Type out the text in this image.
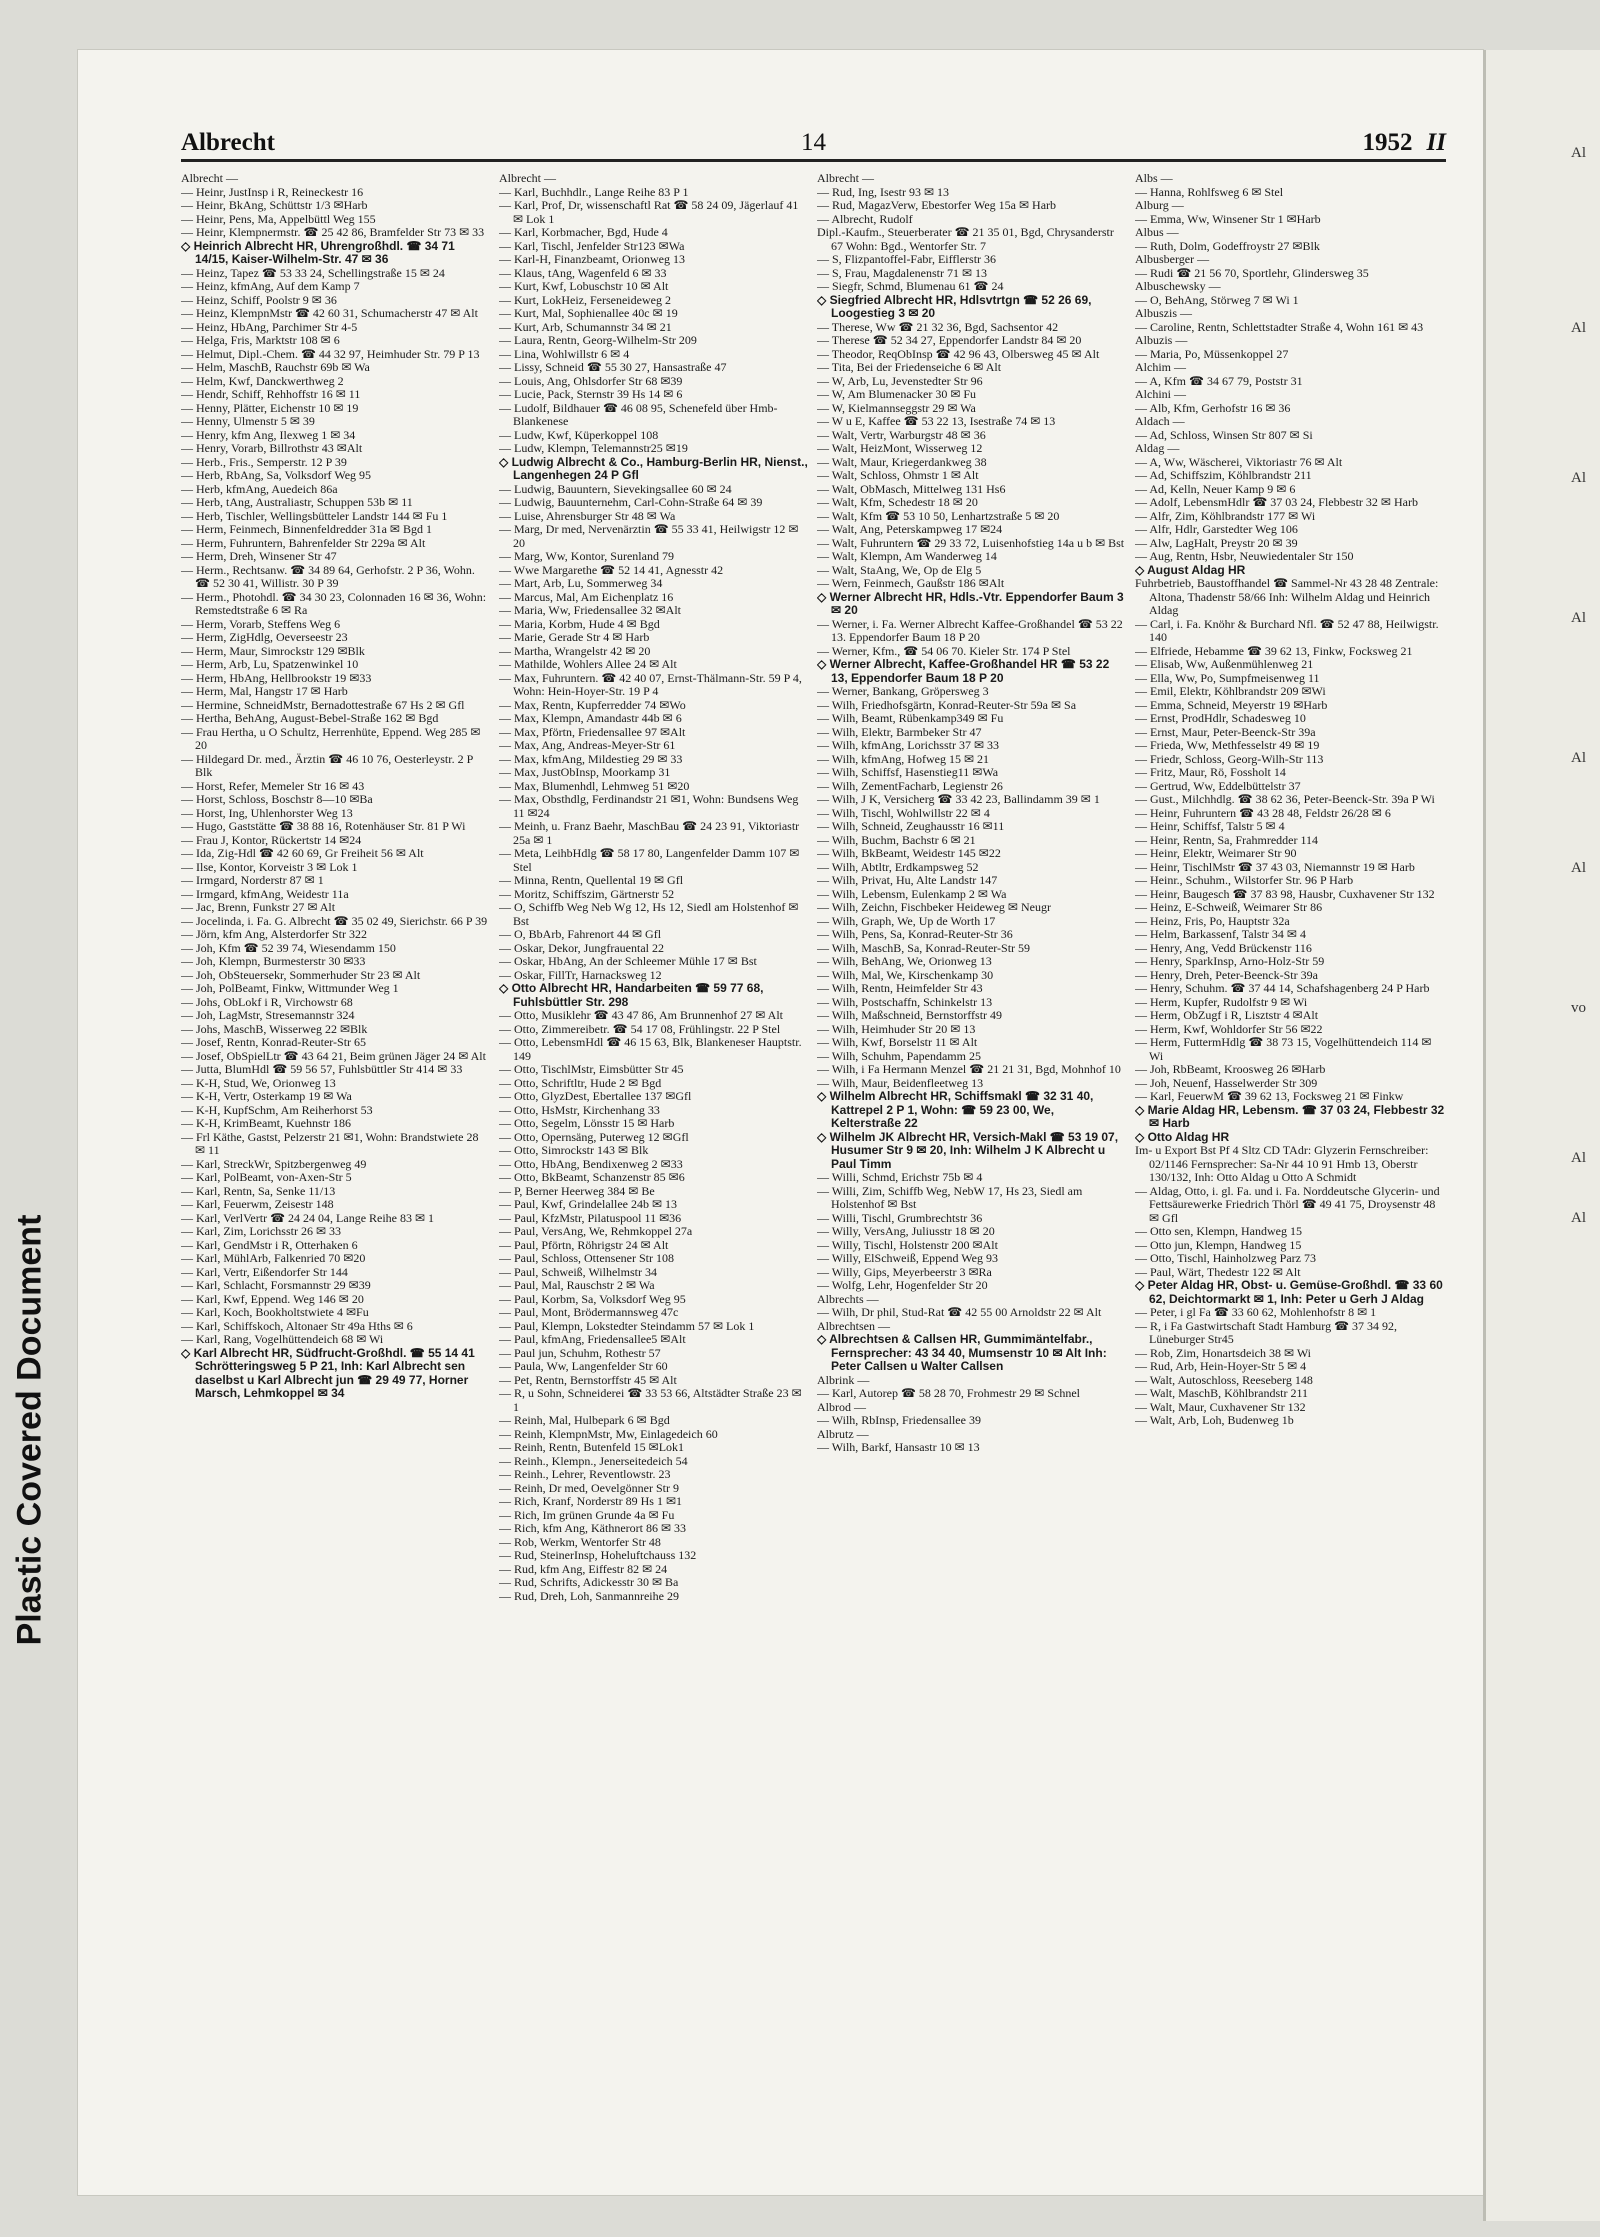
Albrecht	14	1952 II
Albrecht —
— Heinr, JustInsp i R, Reineckestr 16
— Heinr, BkAng, Schüttstr 1/3 ✉Harb
— Heinr, Pens, Ma, Appelbüttl Weg 155
— Heinr, Klempnermstr. ☎ 25 42 86, Bramfelder Str 73 ✉ 33
◇ Heinrich Albrecht HR, Uhrengroßhdl. ☎ 34 71 14/15, Kaiser-Wilhelm-Str. 47 ✉ 36
— Heinz, Tapez ☎ 53 33 24, Schellingstraße 15 ✉ 24
— Heinz, kfmAng, Auf dem Kamp 7
— Heinz, Schiff, Poolstr 9 ✉ 36
— Heinz, KlempnMstr ☎ 42 60 31, Schumacherstr 47 ✉ Alt
— Heinz, HbAng, Parchimer Str 4-5
— Helga, Fris, Marktstr 108 ✉ 6
— Helmut, Dipl.-Chem. ☎ 44 32 97, Heimhuder Str. 79 P 13
— Helm, MaschB, Rauchstr 69b ✉ Wa
— Helm, Kwf, Danckwerthweg 2
— Hendr, Schiff, Rehhoffstr 16 ✉ 11
— Henny, Plätter, Eichenstr 10 ✉ 19
— Henny, Ulmenstr 5 ✉ 39
— Henry, kfm Ang, Ilexweg 1 ✉ 34
— Henry, Vorarb, Billrothstr 43 ✉Alt
— Herb., Fris., Semperstr. 12 P 39
— Herb, RbAng, Sa, Volksdorf Weg 95
— Herb, kfmAng, Auedeich 86a
— Herb, tAng, Australiastr, Schuppen 53b ✉ 11
— Herb, Tischler, Wellingsbütteler Landstr 144 ✉ Fu 1
— Herm, Feinmech, Binnenfeldredder 31a ✉ Bgd 1
— Herm, Fuhruntern, Bahrenfelder Str 229a ✉ Alt
— Herm, Dreh, Winsener Str 47
— Herm., Rechtsanw. ☎ 34 89 64, Gerhofstr. 2 P 36, Wohn. ☎ 52 30 41, Willistr. 30 P 39
— Herm., Photohdl. ☎ 34 30 23, Colonnaden 16 ✉ 36, Wohn: Remstedtstraße 6 ✉ Ra
— Herm, Vorarb, Steffens Weg 6
— Herm, ZigHdlg, Oeverseestr 23
— Herm, Maur, Simrockstr 129 ✉Blk
— Herm, Arb, Lu, Spatzenwinkel 10
— Herm, HbAng, Hellbrookstr 19 ✉33
— Herm, Mal, Hangstr 17 ✉ Harb
— Hermine, SchneidMstr, Bernadottestraße 67 Hs 2 ✉ Gfl
— Hertha, BehAng, August-Bebel-Straße 162 ✉ Bgd
— Frau Hertha, u O Schultz, Herrenhüte, Eppend. Weg 285 ✉ 20
— Hildegard Dr. med., Ärztin ☎ 46 10 76, Oesterleystr. 2 P Blk
— Horst, Refer, Memeler Str 16 ✉ 43
— Horst, Schloss, Boschstr 8—10 ✉Ba
— Horst, Ing, Uhlenhorster Weg 13
— Hugo, Gaststätte ☎ 38 88 16, Rotenhäuser Str. 81 P Wi
— Frau J, Kontor, Rückertstr 14 ✉24
— Ida, Zig-Hdl ☎ 42 60 69, Gr Freiheit 56 ✉ Alt
— Ilse, Kontor, Korveistr 3 ✉ Lok 1
— Irmgard, Norderstr 87 ✉ 1
— Irmgard, kfmAng, Weidestr 11a
— Jac, Brenn, Funkstr 27 ✉ Alt
— Jocelinda, i. Fa. G. Albrecht ☎ 35 02 49, Sierichstr. 66 P 39
— Jörn, kfm Ang, Alsterdorfer Str 322
— Joh, Kfm ☎ 52 39 74, Wiesendamm 150
— Joh, Klempn, Burmesterstr 30 ✉33
— Joh, ObSteuersekr, Sommerhuder Str 23 ✉ Alt
— Joh, PolBeamt, Finkw, Wittmunder Weg 1
— Johs, ObLokf i R, Virchowstr 68
— Joh, LagMstr, Stresemannstr 324
— Johs, MaschB, Wisserweg 22 ✉Blk
— Josef, Rentn, Konrad-Reuter-Str 65
— Josef, ObSpielLtr ☎ 43 64 21, Beim grünen Jäger 24 ✉ Alt
— Jutta, BlumHdl ☎ 59 56 57, Fuhlsbüttler Str 414 ✉ 33
— K-H, Stud, We, Orionweg 13
— K-H, Vertr, Osterkamp 19 ✉ Wa
— K-H, KupfSchm, Am Reiherhorst 53
— K-H, KrimBeamt, Kuehnstr 186
— Frl Käthe, Gastst, Pelzerstr 21 ✉1, Wohn: Brandstwiete 28 ✉ 11
— Karl, StreckWr, Spitzbergenweg 49
— Karl, PolBeamt, von-Axen-Str 5
— Karl, Rentn, Sa, Senke 11/13
— Karl, Feuerwm, Zeisestr 148
— Karl, VerlVertr ☎ 24 24 04, Lange Reihe 83 ✉ 1
— Karl, Zim, Lorichsstr 26 ✉ 33
— Karl, GendMstr i R, Otterhaken 6
— Karl, MühlArb, Falkenried 70 ✉20
— Karl, Vertr, Eißendorfer Str 144
— Karl, Schlacht, Forsmannstr 29 ✉39
— Karl, Kwf, Eppend. Weg 146 ✉ 20
— Karl, Koch, Bookholtstwiete 4 ✉Fu
— Karl, Schiffskoch, Altonaer Str 49a Hths ✉ 6
— Karl, Rang, Vogelhüttendeich 68 ✉ Wi
◇ Karl Albrecht HR, Südfrucht-Großhdl. ☎ 55 14 41 Schrötteringsweg 5 P 21, Inh: Karl Albrecht sen daselbst u Karl Albrecht jun ☎ 29 49 77, Horner Marsch, Lehmkoppel ✉ 34
Albrecht —
— Karl, Buchhdlr., Lange Reihe 83 P 1
— Karl, Prof, Dr, wissenschaftl Rat ☎ 58 24 09, Jägerlauf 41 ✉ Lok 1
— Karl, Korbmacher, Bgd, Hude 4
— Karl, Tischl, Jenfelder Str123 ✉Wa
— Karl-H, Finanzbeamt, Orionweg 13
— Klaus, tAng, Wagenfeld 6 ✉ 33
— Kurt, Kwf, Lobuschstr 10 ✉ Alt
— Kurt, LokHeiz, Ferseneideweg 2
— Kurt, Mal, Sophienallee 40c ✉ 19
— Kurt, Arb, Schumannstr 34 ✉ 21
— Laura, Rentn, Georg-Wilhelm-Str 209
— Lina, Wohlwillstr 6 ✉ 4
— Lissy, Schneid ☎ 55 30 27, Hansastraße 47
— Louis, Ang, Ohlsdorfer Str 68 ✉39
— Lucie, Pack, Sternstr 39 Hs 14 ✉ 6
— Ludolf, Bildhauer ☎ 46 08 95, Schenefeld über Hmb-Blankenese
— Ludw, Kwf, Küperkoppel 108
— Ludw, Klempn, Telemannstr25 ✉19
◇ Ludwig Albrecht & Co., Hamburg-Berlin HR, Nienst., Langenhegen 24 P Gfl
— Ludwig, Bauuntern, Sievekingsallee 60 ✉ 24
— Ludwig, Bauunternehm, Carl-Cohn-Straße 64 ✉ 39
— Luise, Ahrensburger Str 48 ✉ Wa
— Marg, Dr med, Nervenärztin ☎ 55 33 41, Heilwigstr 12 ✉ 20
— Marg, Ww, Kontor, Surenland 79
— Wwe Margarethe ☎ 52 14 41, Agnesstr 42
— Mart, Arb, Lu, Sommerweg 34
— Marcus, Mal, Am Eichenplatz 16
— Maria, Ww, Friedensallee 32 ✉Alt
— Maria, Korbm, Hude 4 ✉ Bgd
— Marie, Gerade Str 4 ✉ Harb
— Martha, Wrangelstr 42 ✉ 20
— Mathilde, Wohlers Allee 24 ✉ Alt
— Max, Fuhruntern. ☎ 42 40 07, Ernst-Thälmann-Str. 59 P 4, Wohn: Hein-Hoyer-Str. 19 P 4
— Max, Rentn, Kupferredder 74 ✉Wo
— Max, Klempn, Amandastr 44b ✉ 6
— Max, Pförtn, Friedensallee 97 ✉Alt
— Max, Ang, Andreas-Meyer-Str 61
— Max, kfmAng, Mildestieg 29 ✉ 33
— Max, JustObInsp, Moorkamp 31
— Max, Blumenhdl, Lehmweg 51 ✉20
— Max, Obsthdlg, Ferdinandstr 21 ✉1, Wohn: Bundsens Weg 11 ✉24
— Meinh, u. Franz Baehr, MaschBau ☎ 24 23 91, Viktoriastr 25a ✉ 1
— Meta, LeihbHdlg ☎ 58 17 80, Langenfelder Damm 107 ✉ Stel
— Minna, Rentn, Quellental 19 ✉ Gfl
— Moritz, Schiffszim, Gärtnerstr 52
— O, Schiffb Weg Neb Wg 12, Hs 12, Siedl am Holstenhof ✉ Bst
— O, BbArb, Fahrenort 44 ✉ Gfl
— Oskar, Dekor, Jungfrauental 22
— Oskar, HbAng, An der Schleemer Mühle 17 ✉ Bst
— Oskar, FillTr, Harnacksweg 12
◇ Otto Albrecht HR, Handarbeiten ☎ 59 77 68, Fuhlsbüttler Str. 298
— Otto, Musiklehr ☎ 43 47 86, Am Brunnenhof 27 ✉ Alt
— Otto, Zimmereibetr. ☎ 54 17 08, Frühlingstr. 22 P Stel
— Otto, LebensmHdl ☎ 46 15 63, Blk, Blankeneser Hauptstr. 149
— Otto, TischlMstr, Eimsbütter Str 45
— Otto, Schriftltr, Hude 2 ✉ Bgd
— Otto, GlyzDest, Ebertallee 137 ✉Gfl
— Otto, HsMstr, Kirchenhang 33
— Otto, Segelm, Lönsstr 15 ✉ Harb
— Otto, Opernsäng, Puterweg 12 ✉Gfl
— Otto, Simrockstr 143 ✉ Blk
— Otto, HbAng, Bendixenweg 2 ✉33
— Otto, BkBeamt, Schanzenstr 85 ✉6
— P, Berner Heerweg 384 ✉ Be
— Paul, Kwf, Grindelallee 24b ✉ 13
— Paul, KfzMstr, Pilatuspool 11 ✉36
— Paul, VersAng, We, Rehmkoppel 27a
— Paul, Pförtn, Röhrigstr 24 ✉ Alt
— Paul, Schloss, Ottensener Str 108
— Paul, Schweiß, Wilhelmstr 34
— Paul, Mal, Rauschstr 2 ✉ Wa
— Paul, Korbm, Sa, Volksdorf Weg 95
— Paul, Mont, Brödermannsweg 47c
— Paul, Klempn, Lokstedter Steindamm 57 ✉ Lok 1
— Paul, kfmAng, Friedensallee5 ✉Alt
— Paul jun, Schuhm, Rothestr 57
— Paula, Ww, Langenfelder Str 60
— Pet, Rentn, Bernstorffstr 45 ✉ Alt
— R, u Sohn, Schneiderei ☎ 33 53 66, Altstädter Straße 23 ✉ 1
— Reinh, Mal, Hulbepark 6 ✉ Bgd
— Reinh, KlempnMstr, Mw, Einlagedeich 60
— Reinh, Rentn, Butenfeld 15 ✉Lok1
— Reinh., Klempn., Jenerseitedeich 54
— Reinh., Lehrer, Reventlowstr. 23
— Reinh, Dr med, Oevelgönner Str 9
— Rich, Kranf, Norderstr 89 Hs 1 ✉1
— Rich, Im grünen Grunde 4a ✉ Fu
— Rich, kfm Ang, Käthnerort 86 ✉ 33
— Rob, Werkm, Wentorfer Str 48
— Rud, SteinerInsp, Hoheluftchauss 132
— Rud, kfm Ang, Eiffestr 82 ✉ 24
— Rud, Schrifts, Adickesstr 30 ✉ Ba
— Rud, Dreh, Loh, Sanmannreihe 29
Albrecht —
— Rud, Ing, Isestr 93 ✉ 13
— Rud, MagazVerw, Ebestorfer Weg 15a ✉ Harb
— Albrecht, Rudolf
Dipl.-Kaufm., Steuerberater ☎ 21 35 01, Bgd, Chrysanderstr 67 Wohn: Bgd., Wentorfer Str. 7
— S, Flizpantoffel-Fabr, Eifflerstr 36
— S, Frau, Magdalenenstr 71 ✉ 13
— Siegfr, Schmd, Blumenau 61 ☎ 24
◇ Siegfried Albrecht HR, Hdlsvtrtgn ☎ 52 26 69, Loogestieg 3 ✉ 20
— Therese, Ww ☎ 21 32 36, Bgd, Sachsentor 42
— Therese ☎ 52 34 27, Eppendorfer Landstr 84 ✉ 20
— Theodor, ReqObInsp ☎ 42 96 43, Olbersweg 45 ✉ Alt
— Tita, Bei der Friedenseiche 6 ✉ Alt
— W, Arb, Lu, Jevenstedter Str 96
— W, Am Blumenacker 30 ✉ Fu
— W, Kielmannseggstr 29 ✉ Wa
— W u E, Kaffee ☎ 53 22 13, Isestraße 74 ✉ 13
— Walt, Vertr, Warburgstr 48 ✉ 36
— Walt, HeizMont, Wisserweg 12
— Walt, Maur, Kriegerdankweg 38
— Walt, Schloss, Ohmstr 1 ✉ Alt
— Walt, ObMasch, Mittelweg 131 Hs6
— Walt, Kfm, Schedestr 18 ✉ 20
— Walt, Kfm ☎ 53 10 50, Lenhartzstraße 5 ✉ 20
— Walt, Ang, Peterskampweg 17 ✉24
— Walt, Fuhruntern ☎ 29 33 72, Luisenhofstieg 14a u b ✉ Bst
— Walt, Klempn, Am Wanderweg 14
— Walt, StaAng, We, Op de Elg 5
— Wern, Feinmech, Gaußstr 186 ✉Alt
◇ Werner Albrecht HR, Hdls.-Vtr. Eppendorfer Baum 3 ✉ 20
— Werner, i. Fa. Werner Albrecht Kaffee-Großhandel ☎ 53 22 13. Eppendorfer Baum 18 P 20
— Werner, Kfm., ☎ 54 06 70. Kieler Str. 174 P Stel
◇ Werner Albrecht, Kaffee-Großhandel HR ☎ 53 22 13, Eppendorfer Baum 18 P 20
— Werner, Bankang, Gröpersweg 3
— Wilh, Friedhofsgärtn, Konrad-Reuter-Str 59a ✉ Sa
— Wilh, Beamt, Rübenkamp349 ✉ Fu
— Wilh, Elektr, Barmbeker Str 47
— Wilh, kfmAng, Lorichsstr 37 ✉ 33
— Wilh, kfmAng, Hofweg 15 ✉ 21
— Wilh, Schiffsf, Hasenstieg11 ✉Wa
— Wilh, ZementFacharb, Legienstr 26
— Wilh, J K, Versicherg ☎ 33 42 23, Ballindamm 39 ✉ 1
— Wilh, Tischl, Wohlwillstr 22 ✉ 4
— Wilh, Schneid, Zeughausstr 16 ✉11
— Wilh, Buchm, Bachstr 6 ✉ 21
— Wilh, BkBeamt, Weidestr 145 ✉22
— Wilh, Abtltr, Erdkampsweg 52
— Wilh, Privat, Hu, Alte Landstr 147
— Wilh, Lebensm, Eulenkamp 2 ✉ Wa
— Wilh, Zeichn, Fischbeker Heideweg ✉ Neugr
— Wilh, Graph, We, Up de Worth 17
— Wilh, Pens, Sa, Konrad-Reuter-Str 36
— Wilh, MaschB, Sa, Konrad-Reuter-Str 59
— Wilh, BehAng, We, Orionweg 13
— Wilh, Mal, We, Kirschenkamp 30
— Wilh, Rentn, Heimfelder Str 43
— Wilh, Postschaffn, Schinkelstr 13
— Wilh, Maßschneid, Bernstorffstr 49
— Wilh, Heimhuder Str 20 ✉ 13
— Wilh, Kwf, Borselstr 11 ✉ Alt
— Wilh, Schuhm, Papendamm 25
— Wilh, i Fa Hermann Menzel ☎ 21 21 31, Bgd, Mohnhof 10
— Wilh, Maur, Beidenfleetweg 13
◇ Wilhelm Albrecht HR, Schiffsmakl ☎ 32 31 40, Kattrepel 2 P 1, Wohn: ☎ 59 23 00, We, Kelterstraße 22
◇ Wilhelm JK Albrecht HR, Versich-Makl ☎ 53 19 07, Husumer Str 9 ✉ 20, Inh: Wilhelm J K Albrecht u Paul Timm
— Willi, Schmd, Erichstr 75b ✉ 4
— Willi, Zim, Schiffb Weg, NebW 17, Hs 23, Siedl am Holstenhof ✉ Bst
— Willi, Tischl, Grumbrechtstr 36
— Willy, VersAng, Juliusstr 18 ✉ 20
— Willy, Tischl, Holstenstr 200 ✉Alt
— Willy, ElSchweiß, Eppend Weg 93
— Willy, Gips, Meyerbeerstr 3 ✉Ra
— Wolfg, Lehr, Hogenfelder Str 20
Albrechts —
— Wilh, Dr phil, Stud-Rat ☎ 42 55 00 Arnoldstr 22 ✉ Alt
Albrechtsen —
◇ Albrechtsen & Callsen HR, Gummimäntelfabr., Fernsprecher: 43 34 40, Mumsenstr 10 ✉ Alt Inh: Peter Callsen u Walter Callsen
Albrink —
— Karl, Autorep ☎ 58 28 70, Frohmestr 29 ✉ Schnel
Albrod —
— Wilh, RbInsp, Friedensallee 39
Albrutz —
— Wilh, Barkf, Hansastr 10 ✉ 13
Albs —
— Hanna, Rohlfsweg 6 ✉ Stel
Alburg —
— Emma, Ww, Winsener Str 1 ✉Harb
Albus —
— Ruth, Dolm, Godeffroystr 27 ✉Blk
Albusberger —
— Rudi ☎ 21 56 70, Sportlehr, Glindersweg 35
Albuschewsky —
— O, BehAng, Störweg 7 ✉ Wi 1
Albuszis —
— Caroline, Rentn, Schlettstadter Straße 4, Wohn 161 ✉ 43
Albuzis —
— Maria, Po, Müssenkoppel 27
Alchim —
— A, Kfm ☎ 34 67 79, Poststr 31
Alchini —
— Alb, Kfm, Gerhofstr 16 ✉ 36
Aldach —
— Ad, Schloss, Winsen Str 807 ✉ Si
Aldag —
— A, Ww, Wäscherei, Viktoriastr 76 ✉ Alt
— Ad, Schiffszim, Köhlbrandstr 211
— Ad, Kelln, Neuer Kamp 9 ✉ 6
— Adolf, LebensmHdlr ☎ 37 03 24, Flebbestr 32 ✉ Harb
— Alfr, Zim, Köhlbrandstr 177 ✉ Wi
— Alfr, Hdlr, Garstedter Weg 106
— Alw, LagHalt, Preystr 20 ✉ 39
— Aug, Rentn, Hsbr, Neuwiedentaler Str 150
◇ August Aldag HR
Fuhrbetrieb, Baustoffhandel ☎ Sammel-Nr 43 28 48 Zentrale: Altona, Thadenstr 58/66 Inh: Wilhelm Aldag und Heinrich Aldag
— Carl, i. Fa. Knöhr & Burchard Nfl. ☎ 52 47 88, Heilwigstr. 140
— Elfriede, Hebamme ☎ 39 62 13, Finkw, Focksweg 21
— Elisab, Ww, Außenmühlenweg 21
— Ella, Ww, Po, Sumpfmeisenweg 11
— Emil, Elektr, Köhlbrandstr 209 ✉Wi
— Emma, Schneid, Meyerstr 19 ✉Harb
— Ernst, ProdHdlr, Schadesweg 10
— Ernst, Maur, Peter-Beenck-Str 39a
— Frieda, Ww, Methfesselstr 49 ✉ 19
— Friedr, Schloss, Georg-Wilh-Str 113
— Fritz, Maur, Rö, Fossholt 14
— Gertrud, Ww, Eddelbüttelstr 37
— Gust., Milchhdlg. ☎ 38 62 36, Peter-Beenck-Str. 39a P Wi
— Heinr, Fuhruntern ☎ 43 28 48, Feldstr 26/28 ✉ 6
— Heinr, Schiffsf, Talstr 5 ✉ 4
— Heinr, Rentn, Sa, Frahmredder 114
— Heinr, Elektr, Weimarer Str 90
— Heinr, TischlMstr ☎ 37 43 03, Niemannstr 19 ✉ Harb
— Heinr., Schuhm., Wilstorfer Str. 96 P Harb
— Heinr, Baugesch ☎ 37 83 98, Hausbr, Cuxhavener Str 132
— Heinz, E-Schweiß, Weimarer Str 86
— Heinz, Fris, Po, Hauptstr 32a
— Helm, Barkassenf, Talstr 34 ✉ 4
— Henry, Ang, Vedd Brückenstr 116
— Henry, SparkInsp, Arno-Holz-Str 59
— Henry, Dreh, Peter-Beenck-Str 39a
— Henry, Schuhm. ☎ 37 44 14, Schafshagenberg 24 P Harb
— Herm, Kupfer, Rudolfstr 9 ✉ Wi
— Herm, ObZugf i R, Lisztstr 4 ✉Alt
— Herm, Kwf, Wohldorfer Str 56 ✉22
— Herm, FuttermHdlg ☎ 38 73 15, Vogelhüttendeich 114 ✉ Wi
— Joh, RbBeamt, Kroosweg 26 ✉Harb
— Joh, Neuenf, Hasselwerder Str 309
— Karl, FeuerwM ☎ 39 62 13, Focksweg 21 ✉ Finkw
◇ Marie Aldag HR, Lebensm. ☎ 37 03 24, Flebbestr 32 ✉ Harb
◇ Otto Aldag HR
Im- u Export Bst Pf 4 Sltz CD TAdr: Glyzerin Fernschreiber: 02/1146 Fernsprecher: Sa-Nr 44 10 91 Hmb 13, Oberstr 130/132, Inh: Otto Aldag u Otto A Schmidt
— Aldag, Otto, i. gl. Fa. und i. Fa. Norddeutsche Glycerin- und Fettsäurewerke Friedrich Thörl ☎ 49 41 75, Droysenstr 48 ✉ Gfl
— Otto sen, Klempn, Handweg 15
— Otto jun, Klempn, Handweg 15
— Otto, Tischl, Hainholzweg Parz 73
— Paul, Wärt, Thedestr 122 ✉ Alt
◇ Peter Aldag HR, Obst- u. Gemüse-Großhdl. ☎ 33 60 62, Deichtormarkt ✉ 1, Inh: Peter u Gerh J Aldag
— Peter, i gl Fa ☎ 33 60 62, Mohlenhofstr 8 ✉ 1
— R, i Fa Gastwirtschaft Stadt Hamburg ☎ 37 34 92, Lüneburger Str45
— Rob, Zim, Honartsdeich 38 ✉ Wi
— Rud, Arb, Hein-Hoyer-Str 5 ✉ 4
— Walt, Autoschloss, Reeseberg 148
— Walt, MaschB, Köhlbrandstr 211
— Walt, Maur, Cuxhavener Str 132
— Walt, Arb, Loh, Budenweg 1b
Al
Al
Al
Al
Al
Al
vo
Al
Al
Plastic Covered Document
